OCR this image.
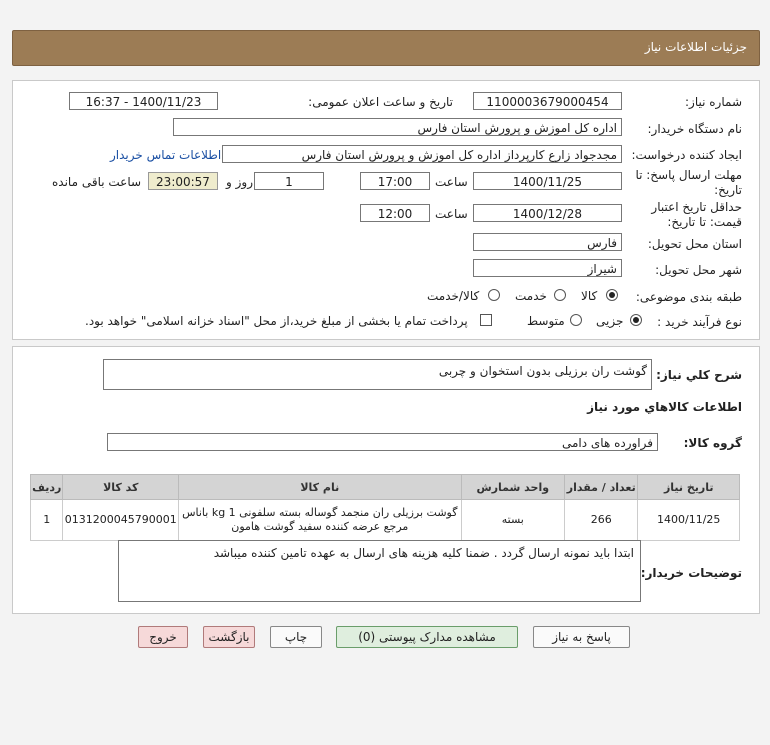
جزئیات اطلاعات نیاز
شماره نیاز:
1100003679000454
تاریخ و ساعت اعلان عمومی:
1400/11/23 - 16:37
نام دستگاه خریدار:
اداره کل اموزش و پرورش استان فارس
ایجاد کننده درخواست:
مجدجواد زارع کارپرداز اداره کل اموزش و پرورش استان فارس
اطلاعات تماس خریدار
مهلت ارسال پاسخ: تا
تاریخ:
1400/11/25
ساعت
17:00
1
روز و
23:00:57
ساعت باقی مانده
حداقل تاریخ اعتبار
قیمت: تا تاریخ:
1400/12/28
ساعت
12:00
استان محل تحویل:
فارس
شهر محل تحویل:
شیراز
طبقه بندی موضوعی:
کالا
خدمت
کالا/خدمت
نوع فرآیند خرید :
جزیی
متوسط
پرداخت تمام یا بخشی از مبلغ خرید،از محل "اسناد خزانه اسلامی" خواهد بود.
شرح کلي نياز:
گوشت ران برزیلی بدون استخوان و چربی
اطلاعات کالاهاي مورد نياز
گروه کالا:
فراورده های دامی
تاریخ نیاز	تعداد / مقدار	واحد شمارش	نام کالا	کد کالا	ردیف
1400/11/25	266	بسته	گوشت برزیلی ران منجمد گوساله بسته سلفونی kg 1 باناس
مرجع عرضه کننده سفید گوشت هامون	0131200045790001	1
توضیحات خریدار:
ابتدا باید نمونه ارسال گردد . ضمنا کلیه هزینه های ارسال به عهده تامین کننده میباشد
پاسخ به نیاز
مشاهده مدارک پیوستی (0)
چاپ
بازگشت
خروج
